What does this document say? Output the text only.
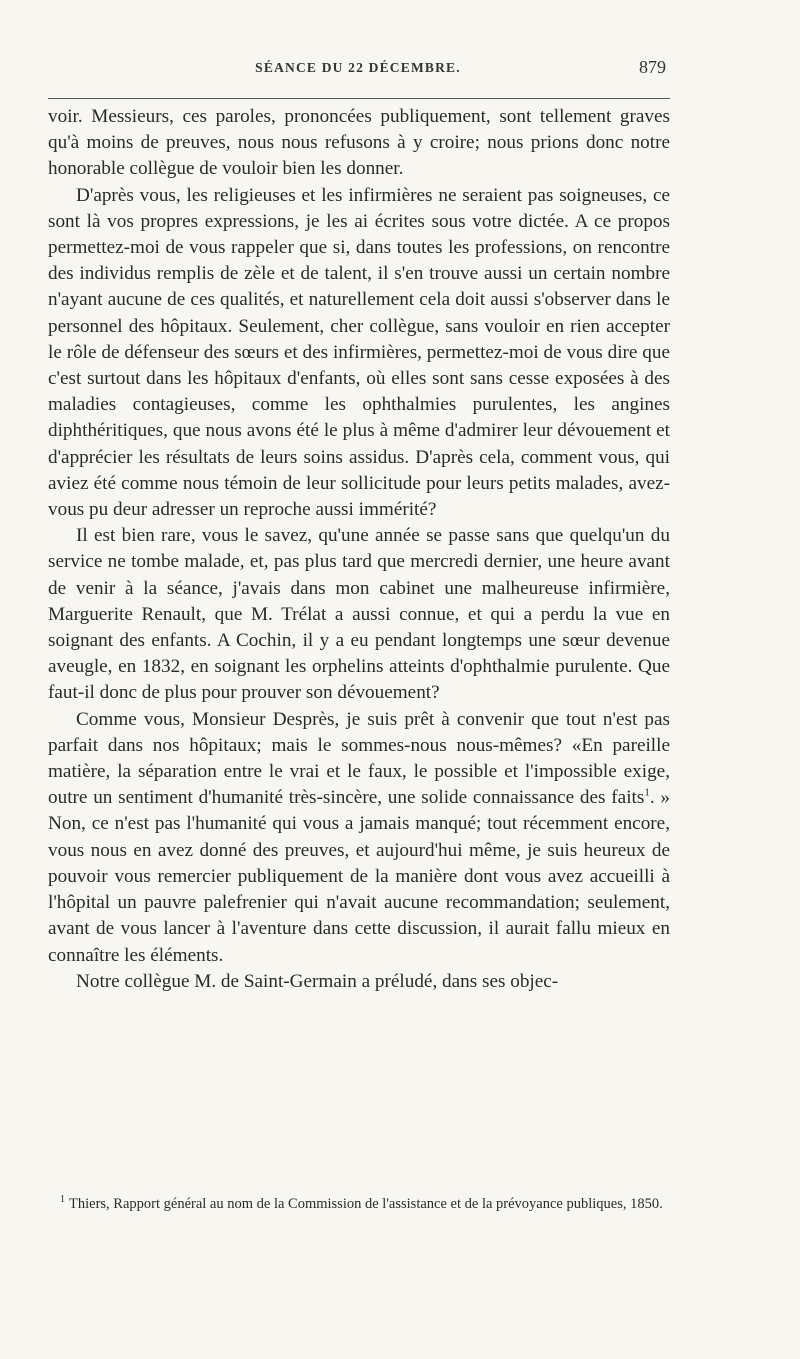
SÉANCE DU 22 DÉCEMBRE.	879

voir. Messieurs, ces paroles, prononcées publiquement, sont tellement graves qu'à moins de preuves, nous nous refusons à y croire; nous prions donc notre honorable collègue de vouloir bien les donner.

D'après vous, les religieuses et les infirmières ne seraient pas soigneuses, ce sont là vos propres expressions, je les ai écrites sous votre dictée. A ce propos permettez-moi de vous rappeler que si, dans toutes les professions, on rencontre des individus remplis de zèle et de talent, il s'en trouve aussi un certain nombre n'ayant aucune de ces qualités, et naturellement cela doit aussi s'observer dans le personnel des hôpitaux. Seulement, cher collègue, sans vouloir en rien accepter le rôle de défenseur des sœurs et des infirmières, permettez-moi de vous dire que c'est surtout dans les hôpitaux d'enfants, où elles sont sans cesse exposées à des maladies contagieuses, comme les ophthalmies purulentes, les angines diphthéritiques, que nous avons été le plus à même d'admirer leur dévouement et d'apprécier les résultats de leurs soins assidus. D'après cela, comment vous, qui aviez été comme nous témoin de leur sollicitude pour leurs petits malades, avez-vous pu deur adresser un reproche aussi immérité?

Il est bien rare, vous le savez, qu'une année se passe sans que quelqu'un du service ne tombe malade, et, pas plus tard que mercredi dernier, une heure avant de venir à la séance, j'avais dans mon cabinet une malheureuse infirmière, Marguerite Renault, que M. Trélat a aussi connue, et qui a perdu la vue en soignant des enfants. A Cochin, il y a eu pendant longtemps une sœur devenue aveugle, en 1832, en soignant les orphelins atteints d'ophthalmie purulente. Que faut-il donc de plus pour prouver son dévouement?

Comme vous, Monsieur Desprès, je suis prêt à convenir que tout n'est pas parfait dans nos hôpitaux; mais le sommes-nous nous-mêmes? «En pareille matière, la séparation entre le vrai et le faux, le possible et l'impossible exige, outre un sentiment d'humanité très-sincère, une solide connaissance des faits$^1$. » Non, ce n'est pas l'humanité qui vous a jamais manqué; tout récemment encore, vous nous en avez donné des preuves, et aujourd'hui même, je suis heureux de pouvoir vous remercier publiquement de la manière dont vous avez accueilli à l'hôpital un pauvre palefrenier qui n'avait aucune recommandation; seulement, avant de vous lancer à l'aventure dans cette discussion, il aurait fallu mieux en connaître les éléments.

Notre collègue M. de Saint-Germain a préludé, dans ses objec-

$^1$ Thiers, Rapport général au nom de la Commission de l'assistance et de la prévoyance publiques, 1850.
